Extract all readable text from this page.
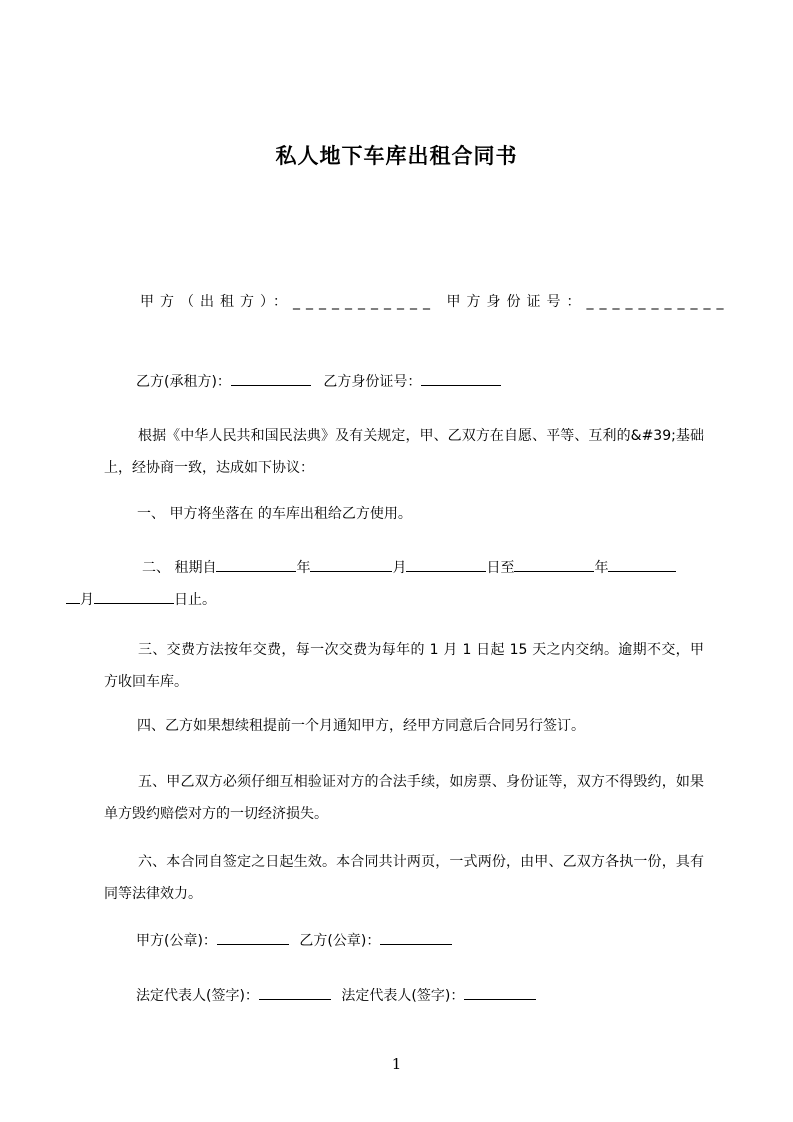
私人地下车库出租合同书
甲方（出租方）：___________ 甲方身份证号：___________
乙方(承租方)：	乙方身份证号：
根据《中华人民共和国民法典》及有关规定，甲、乙双方在自愿、平等、互利的&#39;基础上，经协商一致，达成如下协议：
一、 甲方将坐落在 的车库出租给乙方使用。
二、 租期自	年	月	日至	年
月	日止。
三、交费方法按年交费，每一次交费为每年的 1 月 1 日起 15 天之内交纳。逾期不交，甲方收回车库。
四、乙方如果想续租提前一个月通知甲方，经甲方同意后合同另行签订。
五、甲乙双方必须仔细互相验证对方的合法手续，如房票、身份证等，双方不得毁约，如果单方毁约赔偿对方的一切经济损失。
六、本合同自签定之日起生效。本合同共计两页，一式两份，由甲、乙双方各执一份，具有同等法律效力。
甲方(公章)：	乙方(公章)：
法定代表人(签字)：	法定代表人(签字)：
1
